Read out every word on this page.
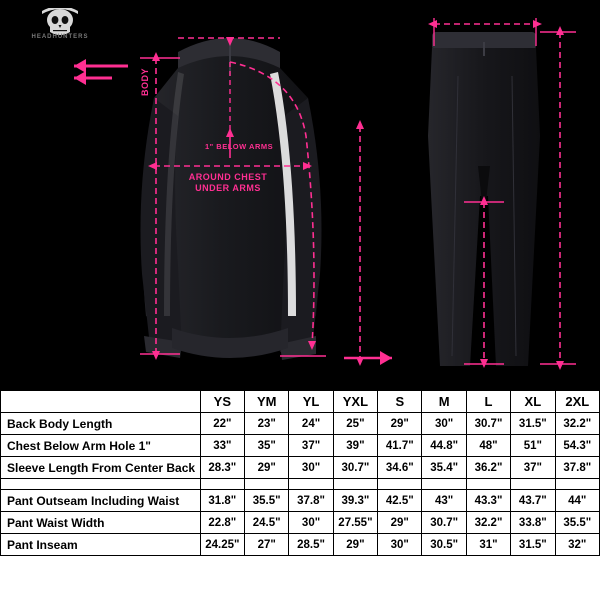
HEADHUNTERS
BODY
1" BELOW ARMS
AROUND CHEST
UNDER ARMS
	YS	YM	YL	YXL	S	M	L	XL	2XL
Back Body Length	22"	23"	24"	25"	29"	30"	30.7"	31.5"	32.2"
Chest Below Arm Hole 1"	33"	35"	37"	39"	41.7"	44.8"	48"	51"	54.3"
Sleeve Length From Center Back	28.3"	29"	30"	30.7"	34.6"	35.4"	36.2"	37"	37.8"

Pant Outseam Including Waist	31.8"	35.5"	37.8"	39.3"	42.5"	43"	43.3"	43.7"	44"
Pant Waist Width	22.8"	24.5"	30"	27.55"	29"	30.7"	32.2"	33.8"	35.5"
Pant Inseam	24.25"	27"	28.5"	29"	30"	30.5"	31"	31.5"	32"
